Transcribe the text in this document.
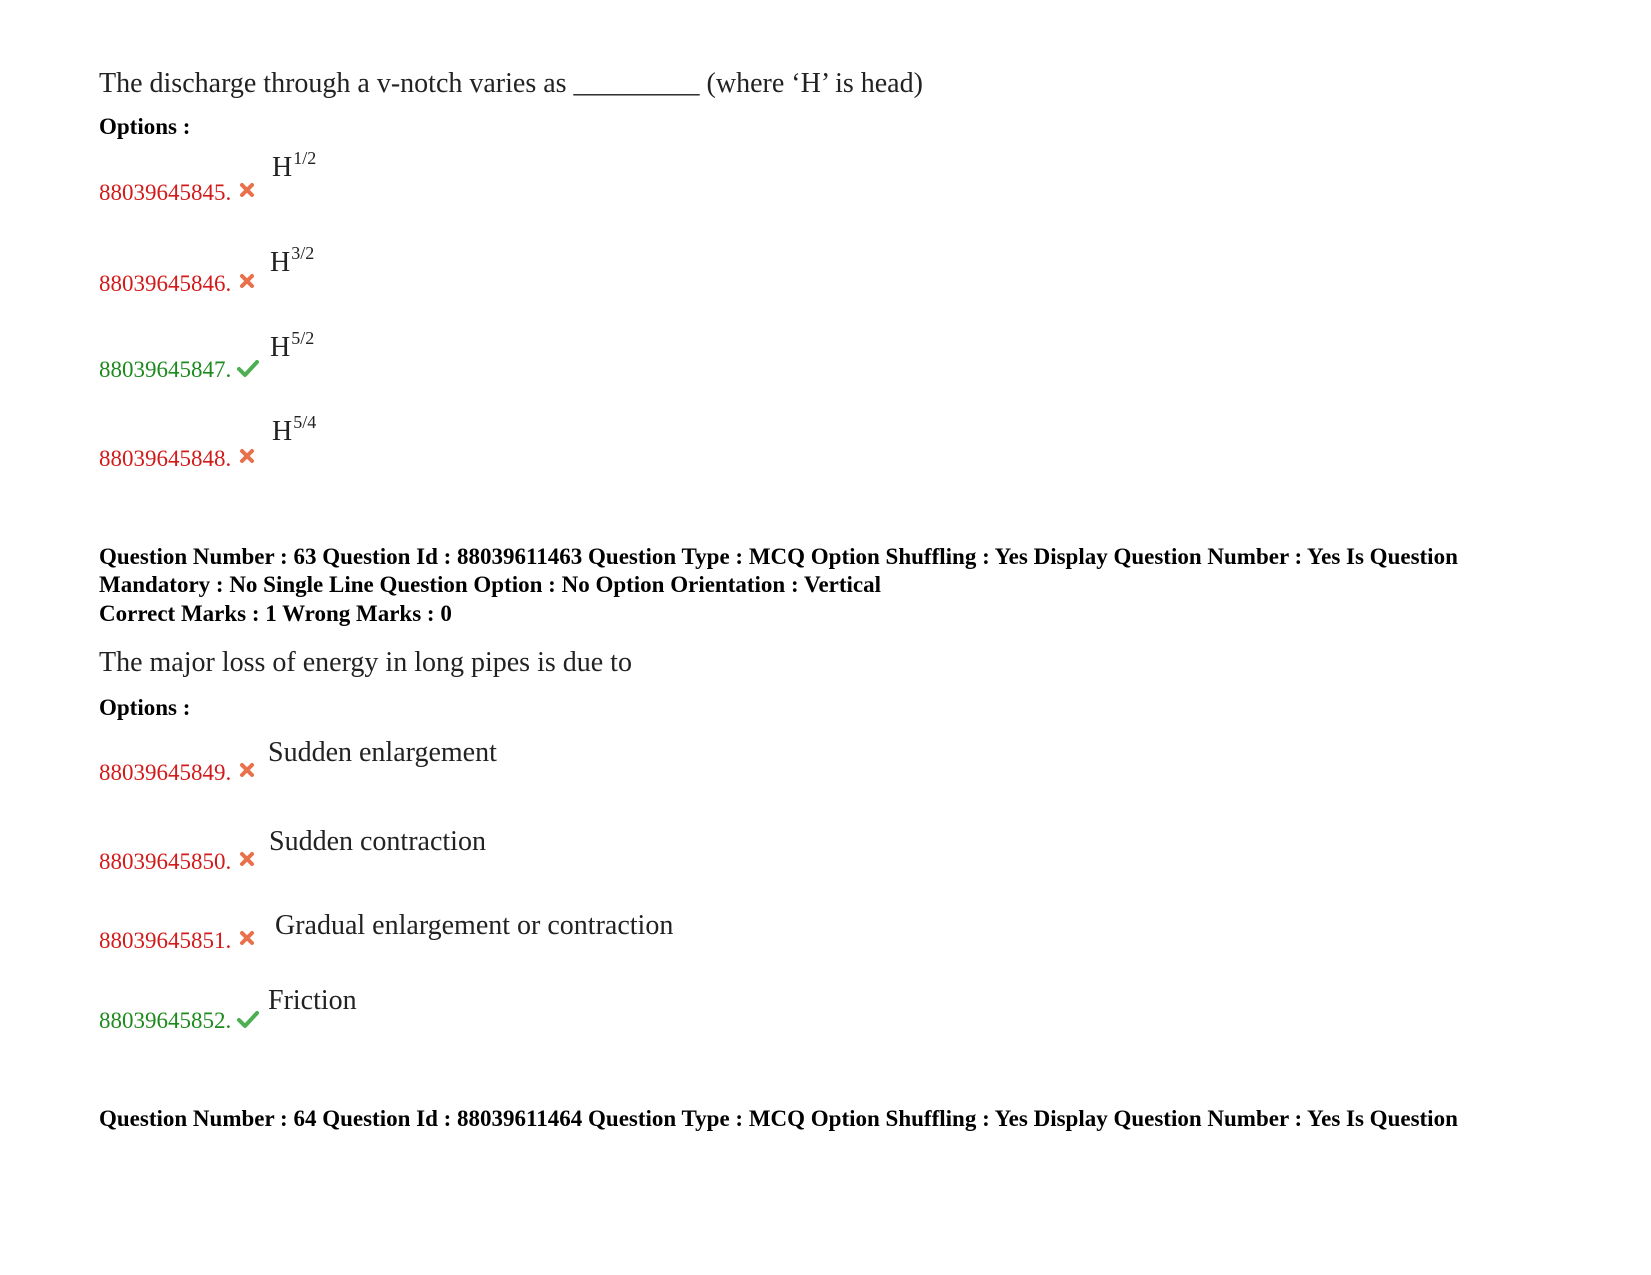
The discharge through a v-notch varies as _________ (where ‘H’ is head)
Options :
88039645845.
$H^{1/2}$
88039645846.
$H^{3/2}$
88039645847.
$H^{5/2}$
88039645848.
$H^{5/4}$
Question Number : 63 Question Id : 88039611463 Question Type : MCQ Option Shuffling : Yes Display Question Number : Yes Is Question Mandatory : No Single Line Question Option : No Option Orientation : Vertical
Correct Marks : 1 Wrong Marks : 0
The major loss of energy in long pipes is due to
Options :
88039645849.
Sudden enlargement
88039645850.
Sudden contraction
88039645851. Gradual enlargement or contraction
88039645852.
Friction
Question Number : 64 Question Id : 88039611464 Question Type : MCQ Option Shuffling : Yes Display Question Number : Yes Is Question
